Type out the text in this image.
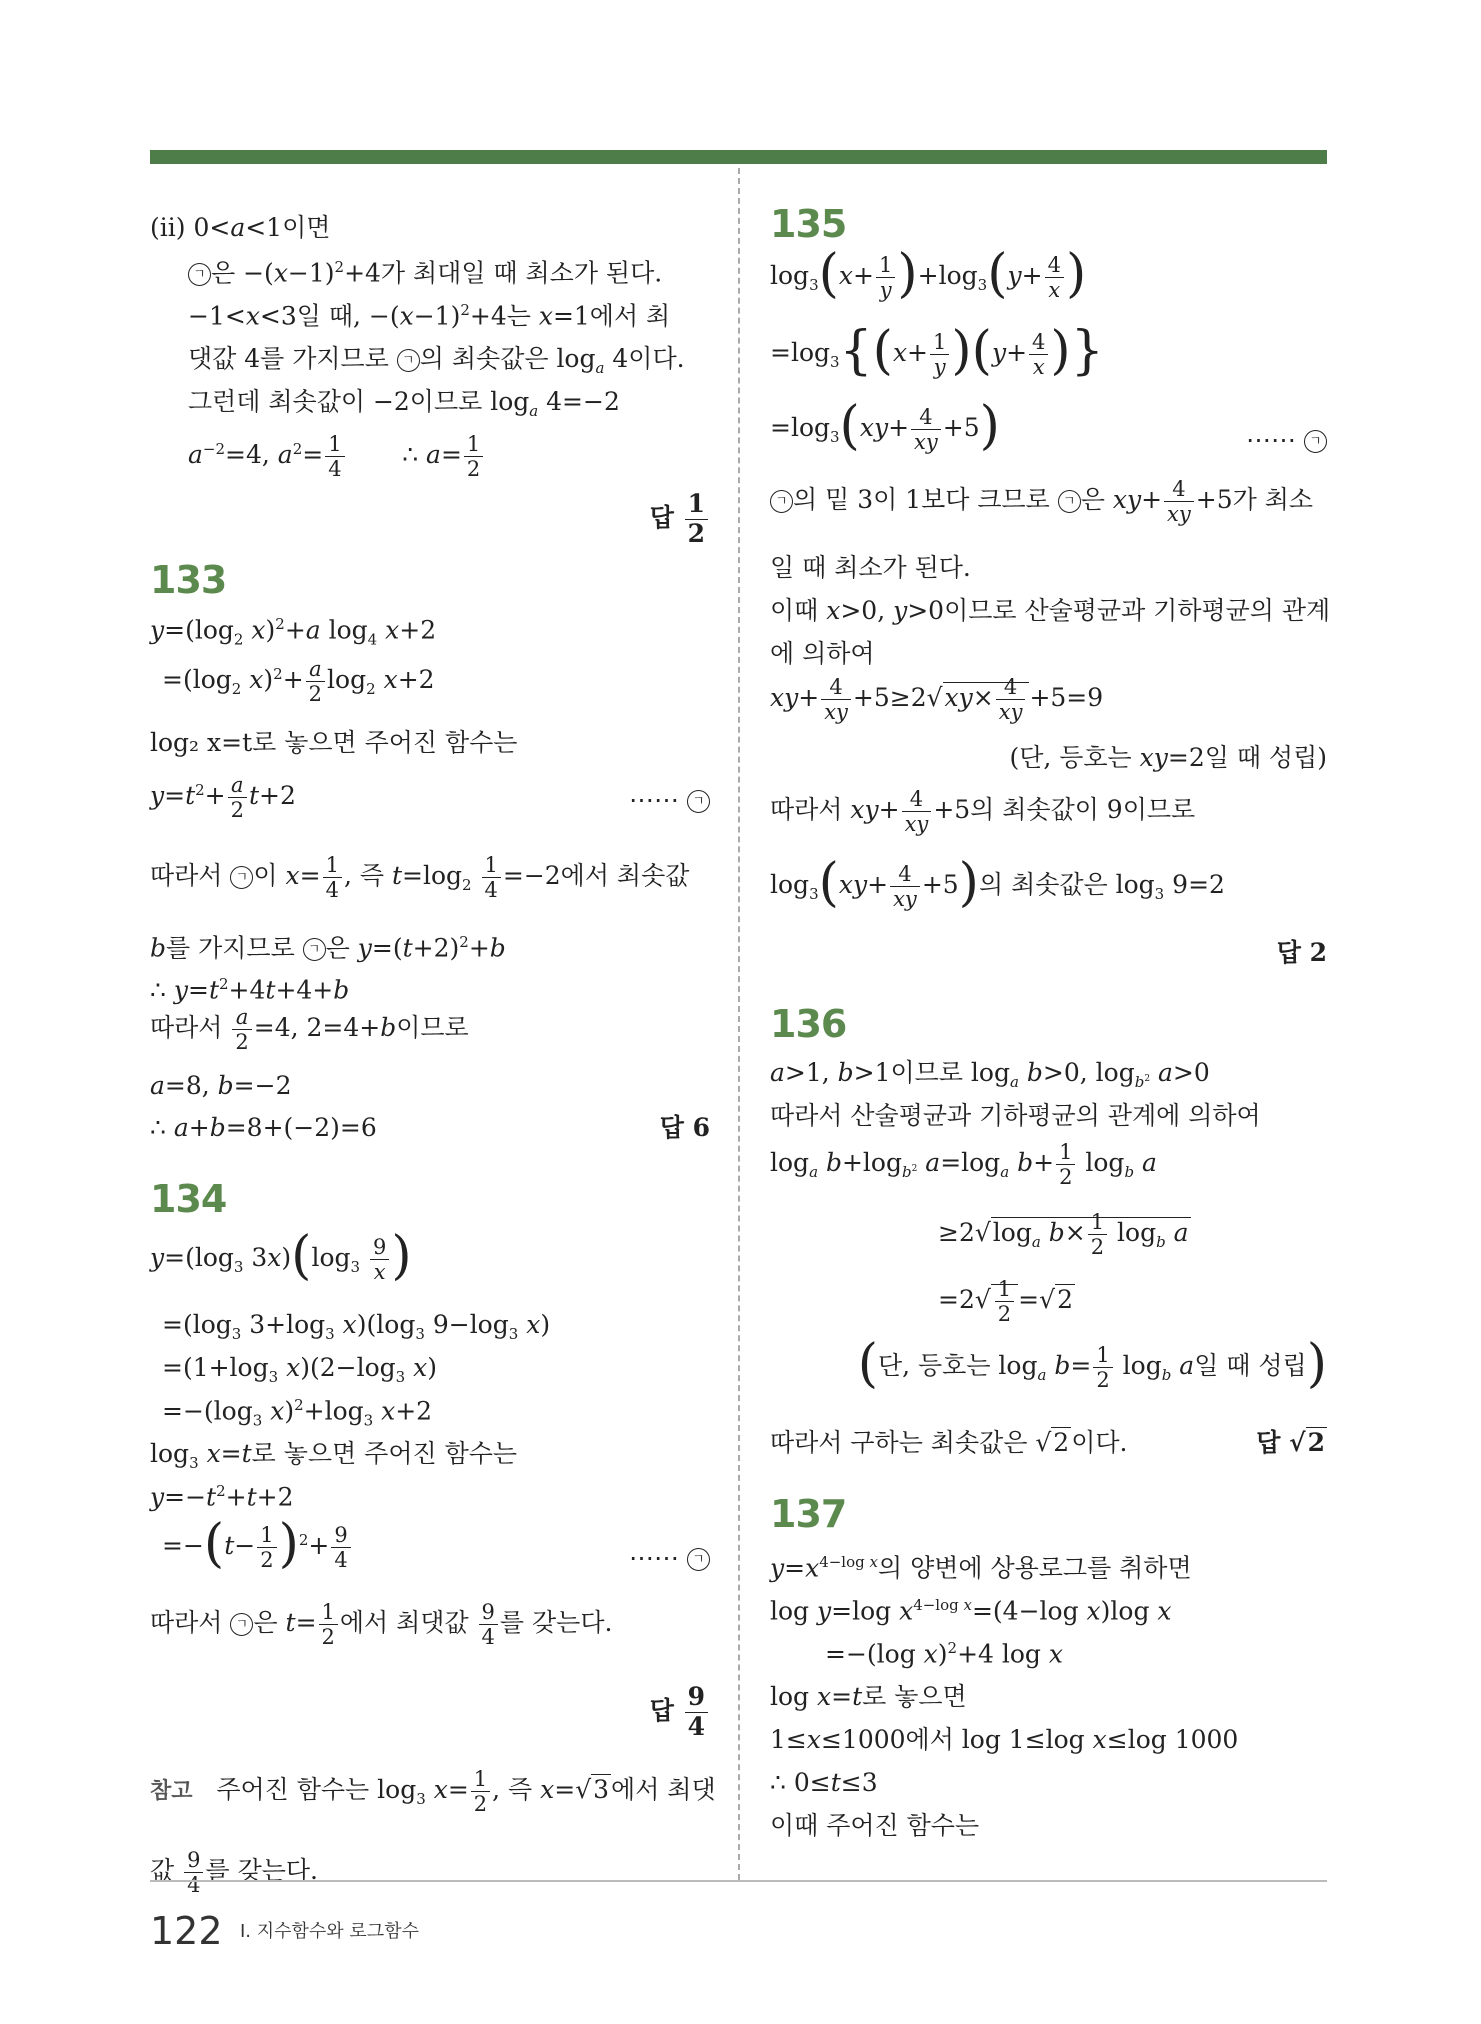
(ii) 0<a<1이면
ㄱ 은 $-(x-1)^2+4$가 최대일 때 최소가 된다.
−1<x<3일 때, $-(x-1)^2+4$는 x=1에서 최
댓값 4를 가지므로 ㄱ 의 최솟값은 $\log_a 4$이다.
그런데 최솟값이 −2이므로 $\log_a 4=-2$
$a^{-2}=4$, $a^2= \frac{1}{4}$ ∴ $a= \frac{1}{2}$
답 $\frac{1}{2}$
133
$y=(\log_2$ x)$^2$+a $\log_4 x+2$
$=(\log_2$ $x)^2+ \frac{a}{2} \log_2 x+2$
log₂ x=t로 놓으면 주어진 함수는
$y=t^2+ \frac{a}{2} t+2$	⋯⋯ ㄱ
따라서 ㄱ 이 $x= \frac{1}{4}$ , 즉 $t=\log_2 \frac{1}{4} =-2$에서 최솟값
b를 가지므로 ㄱ 은 $y=(t+2)^2+b$
∴ $y=t^2+4t+4+b$
따라서 $\frac{a}{2} =4$, 2=4+b이므로
a=8, b=−2
∴ a+b=8+(−2)=6	답 6
134
$y=(\log_3$ $3x)(\log_3 \frac{9}{x}$ )
$=(\log_3$ $3+\log_3$ $x)(\log_3$ $9-\log_3$ x)
$=(1+\log_3$ $x)(2-\log_3$ x)
$=-(\log_3$ $x)^2+\log_3$ x+2
$\log_3 x=t$로 놓으면 주어진 함수는
$y=-t^2+t+2$
$=-(t- \frac{1}{2} )^2+ \frac{9}{4}$	⋯⋯ ㄱ
따라서 ㄱ 은 $t= \frac{1}{2}$ 에서 최댓값 $\frac{9}{4}$ 를 갖는다.
답 $\frac{9}{4}$
참고   주어진 함수는 $\log_3 x= \frac{1}{2}$ , 즉 x=√3에서 최댓
값 $\frac{9}{4}$ 를 갖는다.
135
$\log_3(x+ \frac{1}{y} )+\log_3(y+ \frac{4}{x}$ )
$=\log_3\{(x+ \frac{1}{y} )(y+ \frac{4}{x}$ )}
$=\log_3(xy+ \frac{4}{xy} +5)$	⋯⋯ ㄱ
ㄱ 의 밑 3이 1보다 크므로 ㄱ 은 $xy+ \frac{4}{xy} +5$가 최소
일 때 최소가 된다.
이때 x>0, y>0이므로 산술평균과 기하평균의 관계
에 의하여
$xy+ \frac{4}{xy} +5\ge 2√xy\times \frac{4}{xy} +5=9$
(단, 등호는 xy=2일 때 성립)
따라서 $xy+ \frac{4}{xy} +5$의 최솟값이 9이므로
$\log_3(xy+ \frac{4}{xy} +5)$의 최솟값은 $\log_3 9=2$
답 2
136
a>1, b>1이므로 $\log_a b>0$, $\log_{b^2} a>0$
따라서 산술평균과 기하평균의 관계에 의하여
$\log_a b+\log_{b^2}$ $a=\log_a$ $b+ \frac{1}{2} \log_b a$
$\ge 2√\log_a$ $b\times \frac{1}{2} \log_b a$
$=2√ \frac{1}{2} =√2$
(단, 등호는 $\log_a b= \frac{1}{2} \log_b a$일 때 성립)
따라서 구하는 최솟값은 √2이다.	답 √2
137
$y=x^{4-log x}$의 양변에 상용로그를 취하면
log y=log $x^{4-log x}=(4-\log$ x)log x
=−(log x)$^2$+4 log x
log x=t로 놓으면
1≤x≤1000에서 log 1≤log x≤log 1000
∴ 0≤t≤3
이때 주어진 함수는
122 Ⅰ. 지수함수와 로그함수
